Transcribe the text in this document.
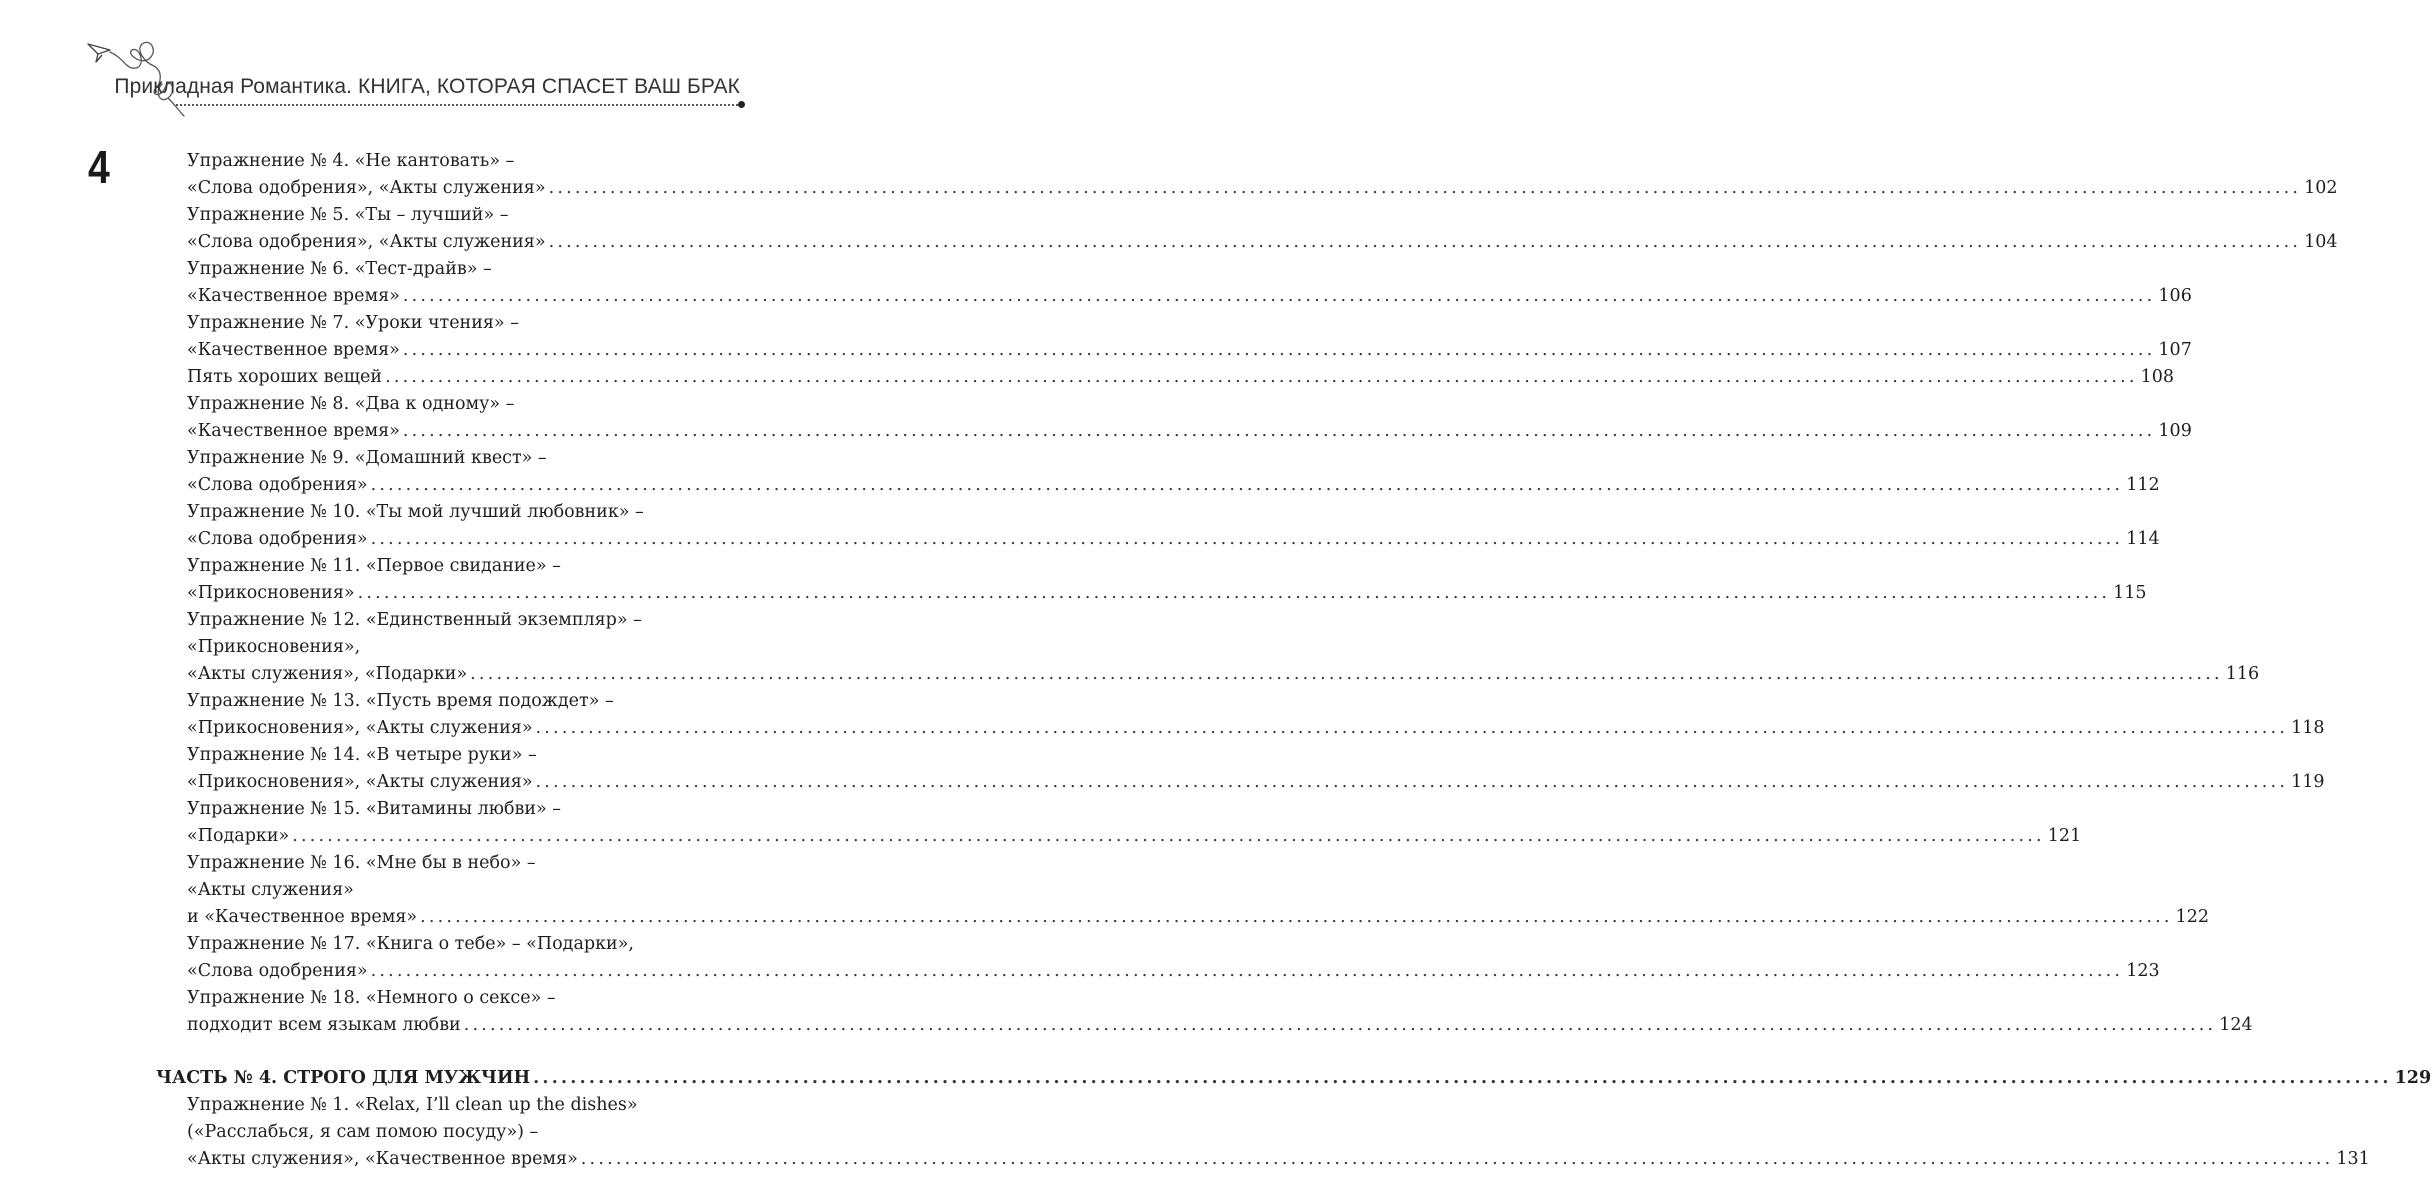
Прикладная Романтика. КНИГА, КОТОРАЯ СПАСЕТ ВАШ БРАК
4	Упражнение № 4. «Не кантовать» –
«Слова одобрения», «Акты служения» ........................................................................................................................................................................................................ 102
Упражнение № 5. «Ты – лучший» –
«Слова одобрения», «Акты служения» ........................................................................................................................................................................................................ 104
Упражнение № 6. «Тест-драйв» –
«Качественное время» ........................................................................................................................................................................................................ 106
Упражнение № 7. «Уроки чтения» –
«Качественное время» ........................................................................................................................................................................................................ 107
Пять хороших вещей ........................................................................................................................................................................................................ 108
Упражнение № 8. «Два к одному» –
«Качественное время» ........................................................................................................................................................................................................ 109
Упражнение № 9. «Домашний квест» –
«Слова одобрения» ........................................................................................................................................................................................................ 112
Упражнение № 10. «Ты мой лучший любовник» –
«Слова одобрения» ........................................................................................................................................................................................................ 114
Упражнение № 11. «Первое свидание» –
«Прикосновения» ........................................................................................................................................................................................................ 115
Упражнение № 12. «Единственный экземпляр» –
«Прикосновения»,
«Акты служения», «Подарки» ........................................................................................................................................................................................................ 116
Упражнение № 13. «Пусть время подождет» –
«Прикосновения», «Акты служения» ........................................................................................................................................................................................................ 118
Упражнение № 14. «В четыре руки» –
«Прикосновения», «Акты служения» ........................................................................................................................................................................................................ 119
Упражнение № 15. «Витамины любви» –
«Подарки» ........................................................................................................................................................................................................ 121
Упражнение № 16. «Мне бы в небо» –
«Акты служения»
и «Качественное время» ........................................................................................................................................................................................................ 122
Упражнение № 17. «Книга о тебе» – «Подарки»,
«Слова одобрения» ........................................................................................................................................................................................................ 123
Упражнение № 18. «Немного о сексе» –
подходит всем языкам любви ........................................................................................................................................................................................................ 124
ЧАСТЬ № 4. СТРОГО ДЛЯ МУЖЧИН ........................................................................................................................................................................................................ 129
Упражнение № 1. «Relax, I’ll clean up the dishes»
(«Расслабься, я сам помою посуду») –
«Акты служения», «Качественное время» ........................................................................................................................................................................................................ 131
